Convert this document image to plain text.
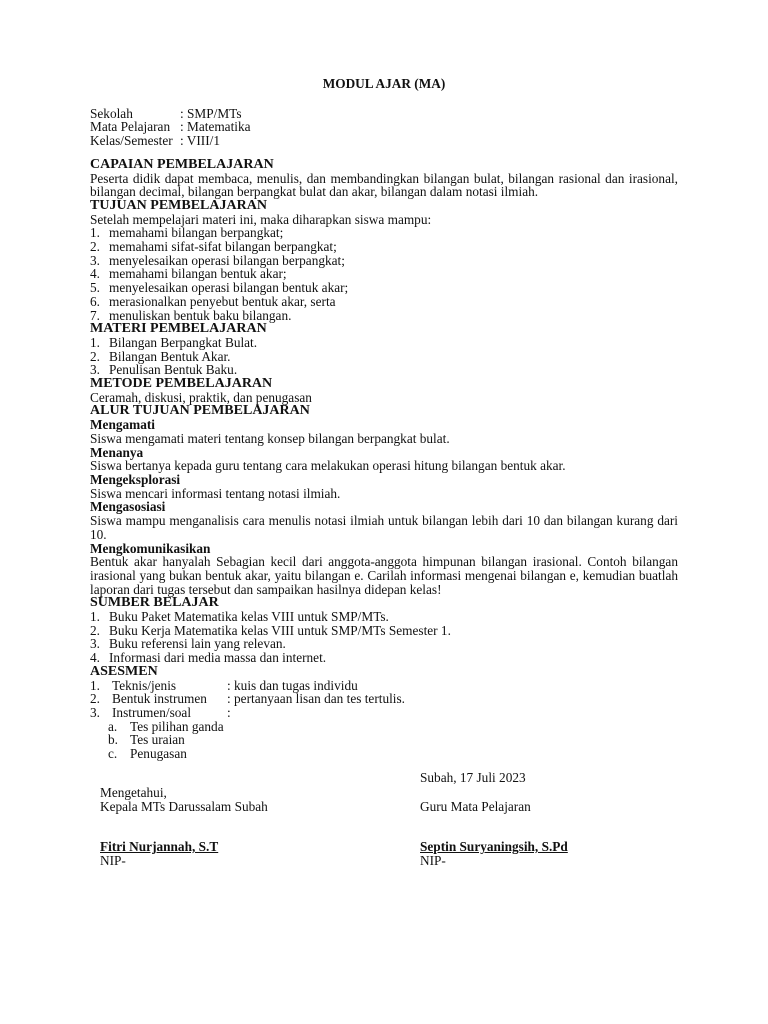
MODUL AJAR (MA)
Sekolah	: SMP/MTs
Mata Pelajaran : Matematika
Kelas/Semester : VIII/1
CAPAIAN PEMBELAJARAN
Peserta didik dapat membaca, menulis, dan membandingkan bilangan bulat, bilangan rasional dan irasional, bilangan decimal, bilangan berpangkat bulat dan akar, bilangan dalam notasi ilmiah.
TUJUAN PEMBELAJARAN
Setelah mempelajari materi ini, maka diharapkan siswa mampu:
1. memahami bilangan berpangkat;
2. memahami sifat-sifat bilangan berpangkat;
3. menyelesaikan operasi bilangan berpangkat;
4. memahami bilangan bentuk akar;
5. menyelesaikan operasi bilangan bentuk akar;
6. merasionalkan penyebut bentuk akar, serta
7. menuliskan bentuk baku bilangan.
MATERI PEMBELAJARAN
1. Bilangan Berpangkat Bulat.
2. Bilangan Bentuk Akar.
3. Penulisan Bentuk Baku.
METODE PEMBELAJARAN
Ceramah, diskusi, praktik, dan penugasan
ALUR TUJUAN PEMBELAJARAN
Mengamati
Siswa mengamati materi tentang konsep bilangan berpangkat bulat.
Menanya
Siswa bertanya kepada guru tentang cara melakukan operasi hitung bilangan bentuk akar.
Mengeksplorasi
Siswa mencari informasi tentang notasi ilmiah.
Mengasosiasi
Siswa mampu menganalisis cara menulis notasi ilmiah untuk bilangan lebih dari 10 dan bilangan kurang dari 10.
Mengkomunikasikan
Bentuk akar hanyalah Sebagian kecil dari anggota-anggota himpunan bilangan irasional. Contoh bilangan irasional yang bukan bentuk akar, yaitu bilangan e. Carilah informasi mengenai bilangan e, kemudian buatlah laporan dari tugas tersebut dan sampaikan hasilnya didepan kelas!
SUMBER BELAJAR
1. Buku Paket Matematika kelas VIII untuk SMP/MTs.
2. Buku Kerja Matematika kelas VIII untuk SMP/MTs Semester 1.
3. Buku referensi lain yang relevan.
4. Informasi dari media massa dan internet.
ASESMEN
1. Teknis/jenis	: kuis dan tugas individu
2. Bentuk instrumen	: pertanyaan lisan dan tes tertulis.
3. Instrumen/soal	:
a. Tes pilihan ganda
b. Tes uraian
c. Penugasan
Subah, 17 Juli 2023
Mengetahui,
Kepala MTs Darussalam Subah	Guru Mata Pelajaran
Fitri Nurjannah, S.T	Septin Suryaningsih, S.Pd
NIP-	NIP-
